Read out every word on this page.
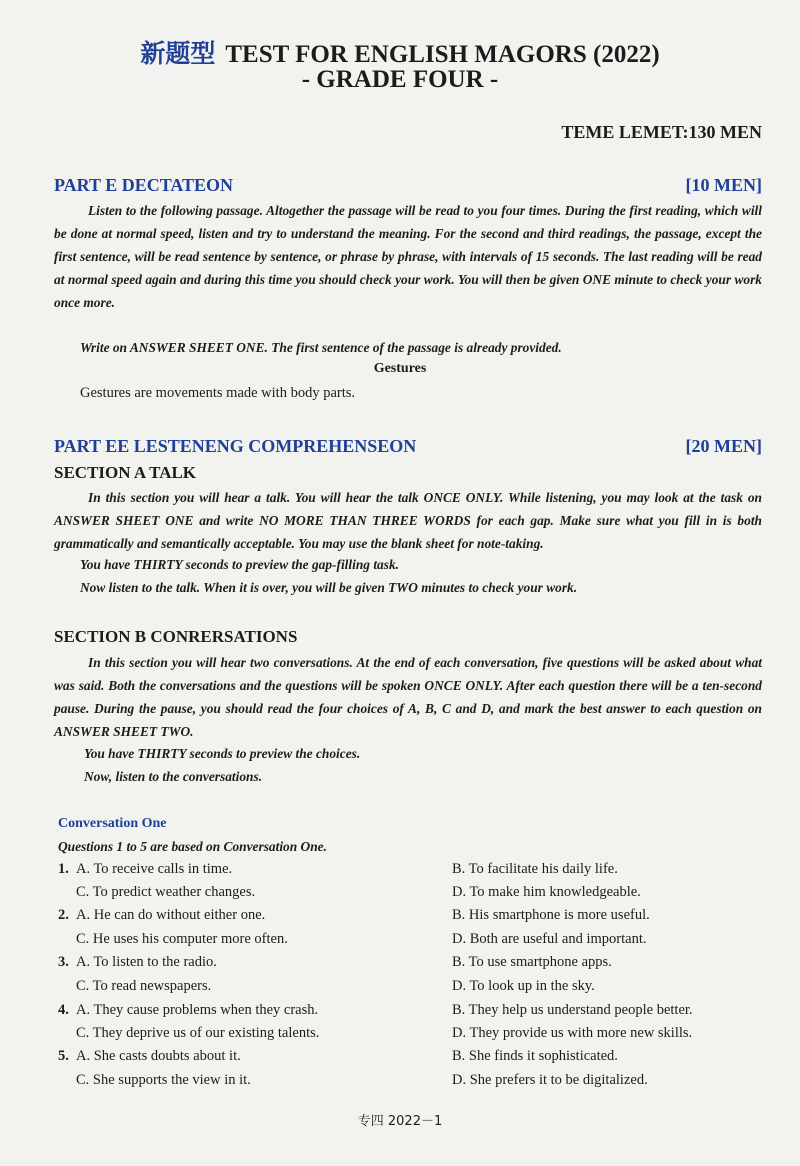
新题型 TEST FOR ENGLISH MAGORS (2022)
- GRADE FOUR -
TEME LEMET:130 MEN
PART E DECTATEON	[10 MEN]

Listen to the following passage. Altogether the passage will be read to you four times. During the first reading, which will be done at normal speed, listen and try to understand the meaning. For the second and third readings, the passage, except the first sentence, will be read sentence by sentence, or phrase by phrase, with intervals of 15 seconds. The last reading will be read at normal speed again and during this time you should check your work. You will then be given ONE minute to check your work once more.

Write on ANSWER SHEET ONE. The first sentence of the passage is already provided.
Gestures
Gestures are movements made with body parts.
PART EE LESTENENG COMPREHENSEON	[20 MEN]
SECTION A TALK

In this section you will hear a talk. You will hear the talk ONCE ONLY. While listening, you may look at the task on ANSWER SHEET ONE and write NO MORE THAN THREE WORDS for each gap. Make sure what you fill in is both grammatically and semantically acceptable. You may use the blank sheet for note-taking.

You have THIRTY seconds to preview the gap-filling task.
Now listen to the talk. When it is over, you will be given TWO minutes to check your work.
SECTION B CONRERSATIONS

In this section you will hear two conversations. At the end of each conversation, five questions will be asked about what was said. Both the conversations and the questions will be spoken ONCE ONLY. After each question there will be a ten-second pause. During the pause, you should read the four choices of A, B, C and D, and mark the best answer to each question on ANSWER SHEET TWO.

You have THIRTY seconds to preview the choices.
Now, listen to the conversations.
Conversation One
Questions 1 to 5 are based on Conversation One.
1. A. To receive calls in time.	B. To facilitate his daily life.
C. To predict weather changes.	D. To make him knowledgeable.
2. A. He can do without either one.	B. His smartphone is more useful.
C. He uses his computer more often.	D. Both are useful and important.
3. A. To listen to the radio.	B. To use smartphone apps.
C. To read newspapers.	D. To look up in the sky.
4. A. They cause problems when they crash.	B. They help us understand people better.
C. They deprive us of our existing talents.	D. They provide us with more new skills.
5. A. She casts doubts about it.	B. She finds it sophisticated.
C. She supports the view in it.	D. She prefers it to be digitalized.
专四 2022－1
